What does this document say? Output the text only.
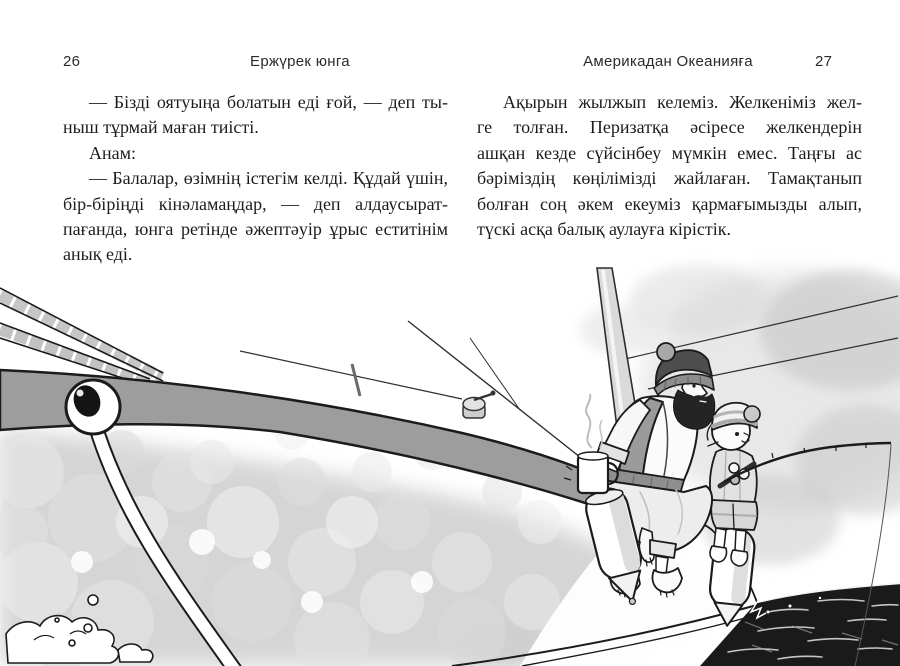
26	Ержүрек юнга	Америкадан Океанияға	27
— Бізді оятуыңа болатын еді ғой, — деп ты-
ныш тұрмай маған тиісті.
Анам:
— Балалар, өзімнің істегім келді. Құдай үшін,
бір-біріңді кінәламаңдар, — деп алдаусырат-
пағанда, юнга ретінде әжептәуір ұрыс еститінім
анық еді.
Ақырын жылжып келеміз. Желкеніміз жел-
ге толған. Перизатқа әсіресе желкендерін
ашқан кезде сүйсінбеу мүмкін емес. Таңғы ас
бәріміздің көңілімізді жайлаған. Тамақтанып
болған соң әкем екеуміз қармағымызды алып,
түскі асқа балық аулауға кірістік.
